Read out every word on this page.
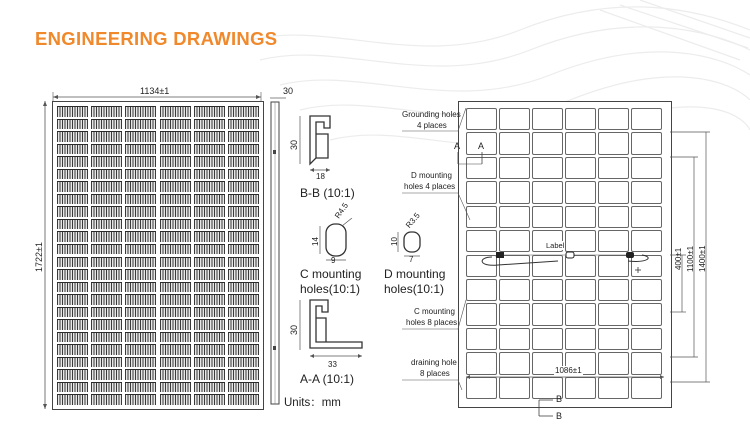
ENGINEERING DRAWINGS
1134±1
1722±1
30
30
18
B-B (10:1)
R4.5
14
9
C mounting
holes(10:1)
R3.5
10
7
D mounting
holes(10:1)
30
33
A-A (10:1)
Units：mm
Label
Grounding holes
4 places
D mounting
holes 4 places
C mounting
holes 8 places
draining hole
8 places
A A
B
B
400±1 1100±1 1400±1
1086±1
